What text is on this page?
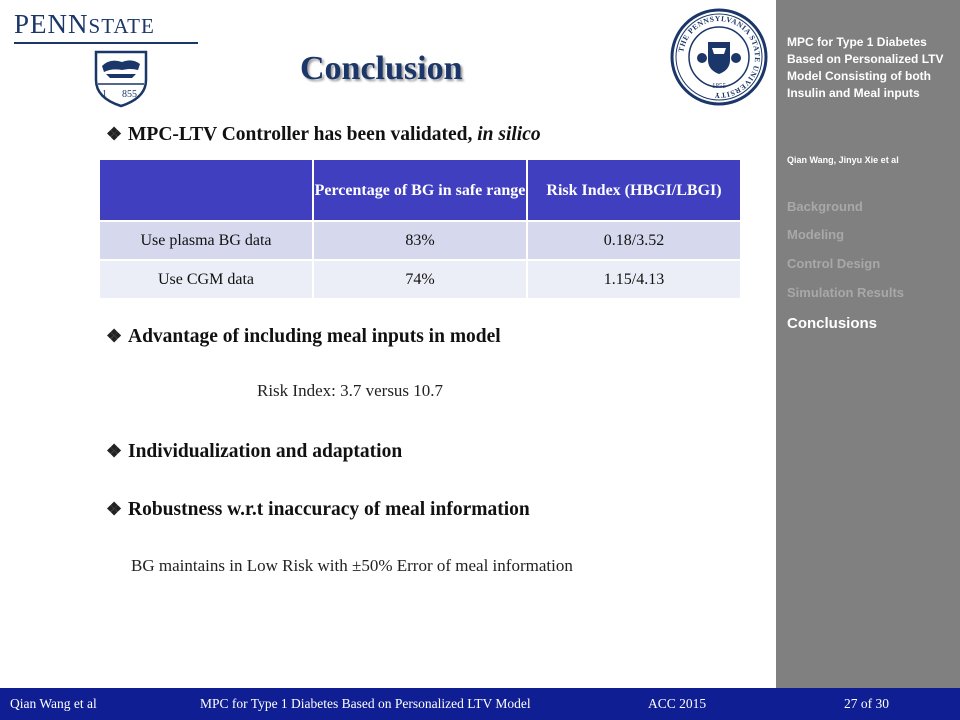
PENNSTATE
1 855
THE PENNSYLVANIA STATE UNIVERSITY
1855
Conclusion
❖ MPC-LTV Controller has been validated, in silico
	Percentage of BG in safe range	Risk Index (HBGI/LBGI)
Use plasma BG data	83%	0.18/3.52
Use CGM data	74%	1.15/4.13
❖ Advantage of including meal inputs in model
Risk Index: 3.7 versus 10.7
❖ Individualization and adaptation
❖ Robustness w.r.t inaccuracy of meal information
BG maintains in Low Risk with ±50% Error of meal information
MPC for Type 1 Diabetes Based on Personalized LTV Model Consisting of both Insulin and Meal inputs
Qian Wang, Jinyu Xie et al
Background
Modeling
Control Design
Simulation Results
Conclusions
Qian Wang et al	MPC for Type 1 Diabetes Based on Personalized LTV Model	ACC 2015	27 of 30
